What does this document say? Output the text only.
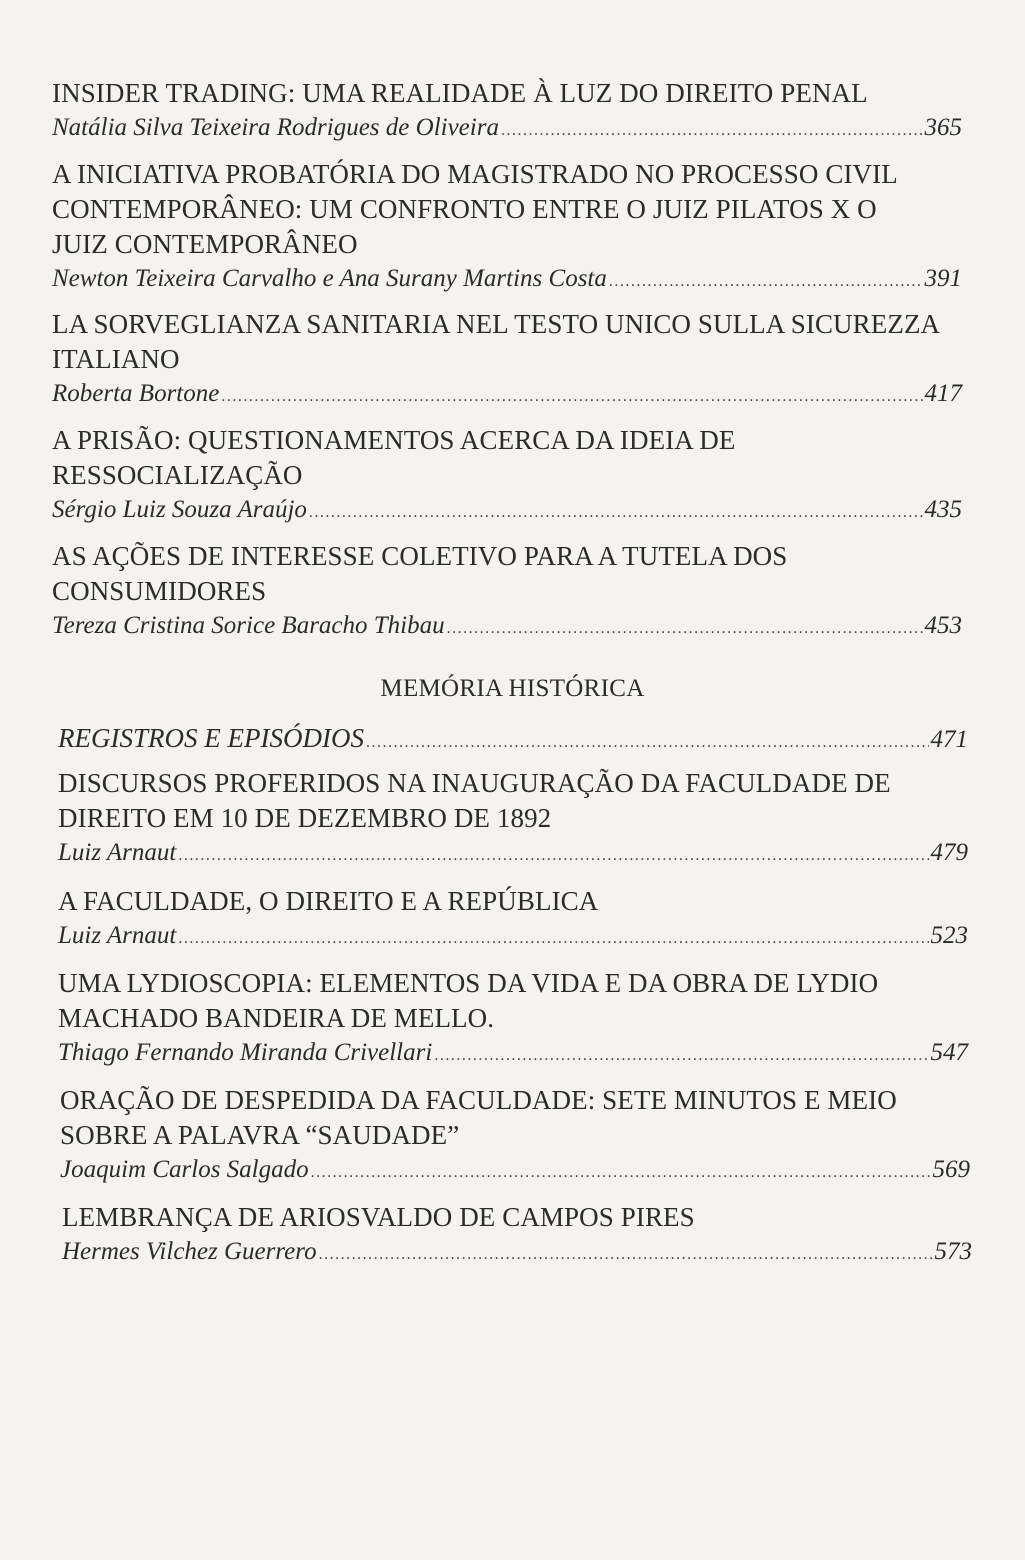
INSIDER TRADING: UMA REALIDADE À LUZ DO DIREITO PENAL
Natália Silva Teixeira Rodrigues de Oliveira .....	365
A INICIATIVA PROBATÓRIA DO MAGISTRADO NO PROCESSO CIVIL
CONTEMPORÂNEO: UM CONFRONTO ENTRE O JUIZ PILATOS X O
JUIZ CONTEMPORÂNEO
Newton Teixeira Carvalho e Ana Surany Martins Costa .....	391
LA SORVEGLIANZA SANITARIA NEL TESTO UNICO SULLA SICUREZZA
ITALIANO
Roberta Bortone .....	417
A PRISÃO: QUESTIONAMENTOS ACERCA DA IDEIA DE
RESSOCIALIZAÇÃO
Sérgio Luiz Souza Araújo .....	435
AS AÇÕES DE INTERESSE COLETIVO PARA A TUTELA DOS
CONSUMIDORES
Tereza Cristina Sorice Baracho Thibau .....	453
MEMÓRIA HISTÓRICA
REGISTROS E EPISÓDIOS .....	471
DISCURSOS PROFERIDOS NA INAUGURAÇÃO DA FACULDADE DE
DIREITO EM 10 DE DEZEMBRO DE 1892
Luiz Arnaut .....	479
A FACULDADE, O DIREITO E A REPÚBLICA
Luiz Arnaut .....	523
UMA LYDIOSCOPIA: ELEMENTOS DA VIDA E DA OBRA DE LYDIO
MACHADO BANDEIRA DE MELLO.
Thiago Fernando Miranda Crivellari .....	547
ORAÇÃO DE DESPEDIDA DA FACULDADE: SETE MINUTOS E MEIO
SOBRE A PALAVRA “SAUDADE”
Joaquim Carlos Salgado .....	569
LEMBRANÇA DE ARIOSVALDO DE CAMPOS PIRES
Hermes Vilchez Guerrero .....	573
